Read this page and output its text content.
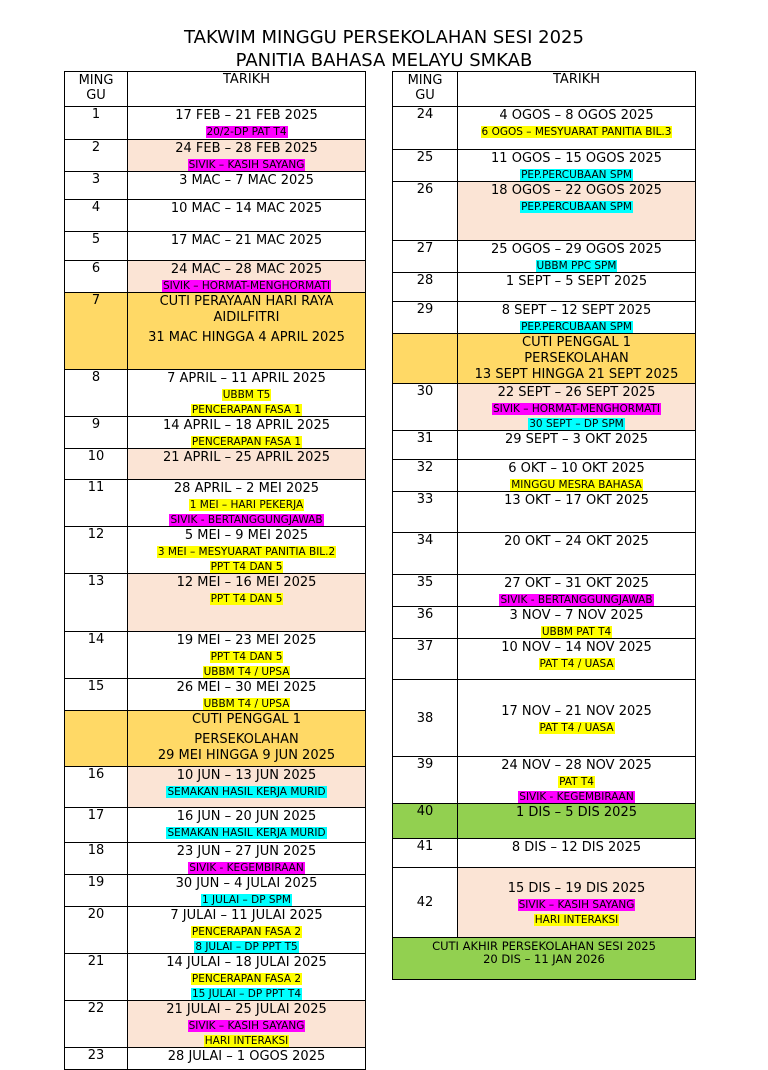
TAKWIM MINGGU PERSEKOLAHAN SESI 2025
PANITIA BAHASA MELAYU SMKAB
MING GU	TARIKH
1	17 FEB – 21 FEB 2025
20/2-DP PAT T4

2	24 FEB – 28 FEB 2025
SIVIK – KASIH SAYANG

3	3 MAC – 7 MAC 2025

4	10 MAC – 14 MAC 2025

5	17 MAC – 21 MAC 2025

6	24 MAC – 28 MAC 2025
SIVIK – HORMAT-MENGHORMATI

7	CUTI PERAYAAN HARI RAYA AIDILFITRI
31 MAC HINGGA 4 APRIL 2025

8	7 APRIL – 11 APRIL 2025
UBBM T5
PENCERAPAN FASA 1

9	14 APRIL – 18 APRIL 2025
PENCERAPAN FASA 1

10	21 APRIL – 25 APRIL 2025

11	28 APRIL – 2 MEI 2025
1 MEI – HARI PEKERJA
SIVIK - BERTANGGUNGJAWAB

12	5 MEI – 9 MEI 2025
3 MEI – MESYUARAT PANITIA BIL.2
PPT T4 DAN 5

13	12 MEI – 16 MEI 2025
PPT T4 DAN 5

14	19 MEI – 23 MEI 2025
PPT T4 DAN 5
UBBM T4 / UPSA

15	26 MEI – 30 MEI 2025
UBBM T4 / UPSA

	CUTI PENGGAL 1
PERSEKOLAHAN
29 MEI HINGGA 9 JUN 2025

16	10 JUN – 13 JUN 2025
SEMAKAN HASIL KERJA MURID

17	16 JUN – 20 JUN 2025
SEMAKAN HASIL KERJA MURID

18	23 JUN – 27 JUN 2025
SIVIK - KEGEMBIRAAN

19	30 JUN – 4 JULAI 2025
1 JULAI – DP SPM

20	7 JULAI – 11 JULAI 2025
PENCERAPAN FASA 2
8 JULAI – DP PPT T5

21	14 JULAI – 18 JULAI 2025
PENCERAPAN FASA 2
15 JULAI – DP PPT T4

22	21 JULAI – 25 JULAI 2025
SIVIK – KASIH SAYANG
HARI INTERAKSI

23	28 JULAI – 1 OGOS 2025
MING GU	TARIKH
24	4 OGOS – 8 OGOS 2025
6 OGOS – MESYUARAT PANITIA BIL.3

25	11 OGOS – 15 OGOS 2025
PEP.PERCUBAAN SPM

26	18 OGOS – 22 OGOS 2025
PEP.PERCUBAAN SPM

27	25 OGOS – 29 OGOS 2025
UBBM PPC SPM

28	1 SEPT – 5 SEPT 2025

29	8 SEPT – 12 SEPT 2025
PEP.PERCUBAAN SPM

	CUTI PENGGAL 1
PERSEKOLAHAN
13 SEPT HINGGA 21 SEPT 2025

30	22 SEPT – 26 SEPT 2025
SIVIK – HORMAT-MENGHORMATI
30 SEPT – DP SPM

31	29 SEPT – 3 OKT 2025

32	6 OKT – 10 OKT 2025
MINGGU MESRA BAHASA

33	13 OKT – 17 OKT 2025

34	20 OKT – 24 OKT 2025

35	27 OKT – 31 OKT 2025
SIVIK - BERTANGGUNGJAWAB

36	3 NOV – 7 NOV 2025
UBBM PAT T4

37	10 NOV – 14 NOV 2025
PAT T4 / UASA

38	17 NOV – 21 NOV 2025
PAT T4 / UASA

39	24 NOV – 28 NOV 2025
PAT T4
SIVIK - KEGEMBIRAAN

40	1 DIS – 5 DIS 2025

41	8 DIS – 12 DIS 2025

42	15 DIS – 19 DIS 2025
SIVIK – KASIH SAYANG
HARI INTERAKSI

CUTI AKHIR PERSEKOLAHAN SESI 2025
20 DIS – 11 JAN 2026	
